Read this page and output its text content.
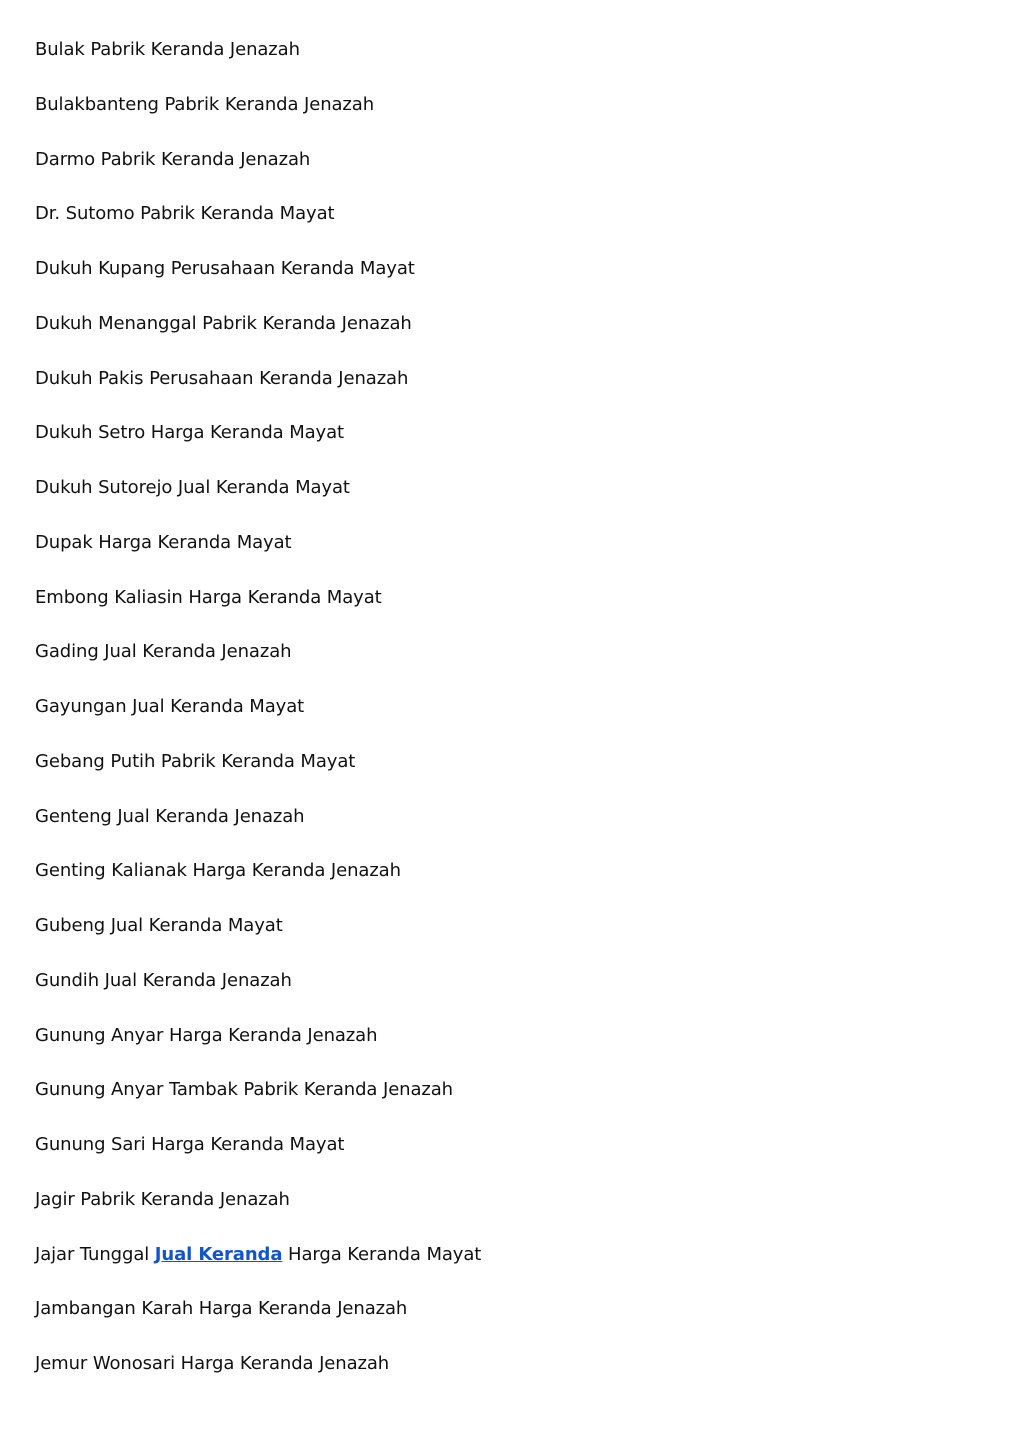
Bulak Pabrik Keranda Jenazah
Bulakbanteng Pabrik Keranda Jenazah
Darmo Pabrik Keranda Jenazah
Dr. Sutomo Pabrik Keranda Mayat
Dukuh Kupang Perusahaan Keranda Mayat
Dukuh Menanggal Pabrik Keranda Jenazah
Dukuh Pakis Perusahaan Keranda Jenazah
Dukuh Setro Harga Keranda Mayat
Dukuh Sutorejo Jual Keranda Mayat
Dupak Harga Keranda Mayat
Embong Kaliasin Harga Keranda Mayat
Gading Jual Keranda Jenazah
Gayungan Jual Keranda Mayat
Gebang Putih Pabrik Keranda Mayat
Genteng Jual Keranda Jenazah
Genting Kalianak Harga Keranda Jenazah
Gubeng Jual Keranda Mayat
Gundih Jual Keranda Jenazah
Gunung Anyar Harga Keranda Jenazah
Gunung Anyar Tambak Pabrik Keranda Jenazah
Gunung Sari Harga Keranda Mayat
Jagir Pabrik Keranda Jenazah
Jajar Tunggal Jual Keranda Harga Keranda Mayat
Jambangan Karah Harga Keranda Jenazah
Jemur Wonosari Harga Keranda Jenazah
